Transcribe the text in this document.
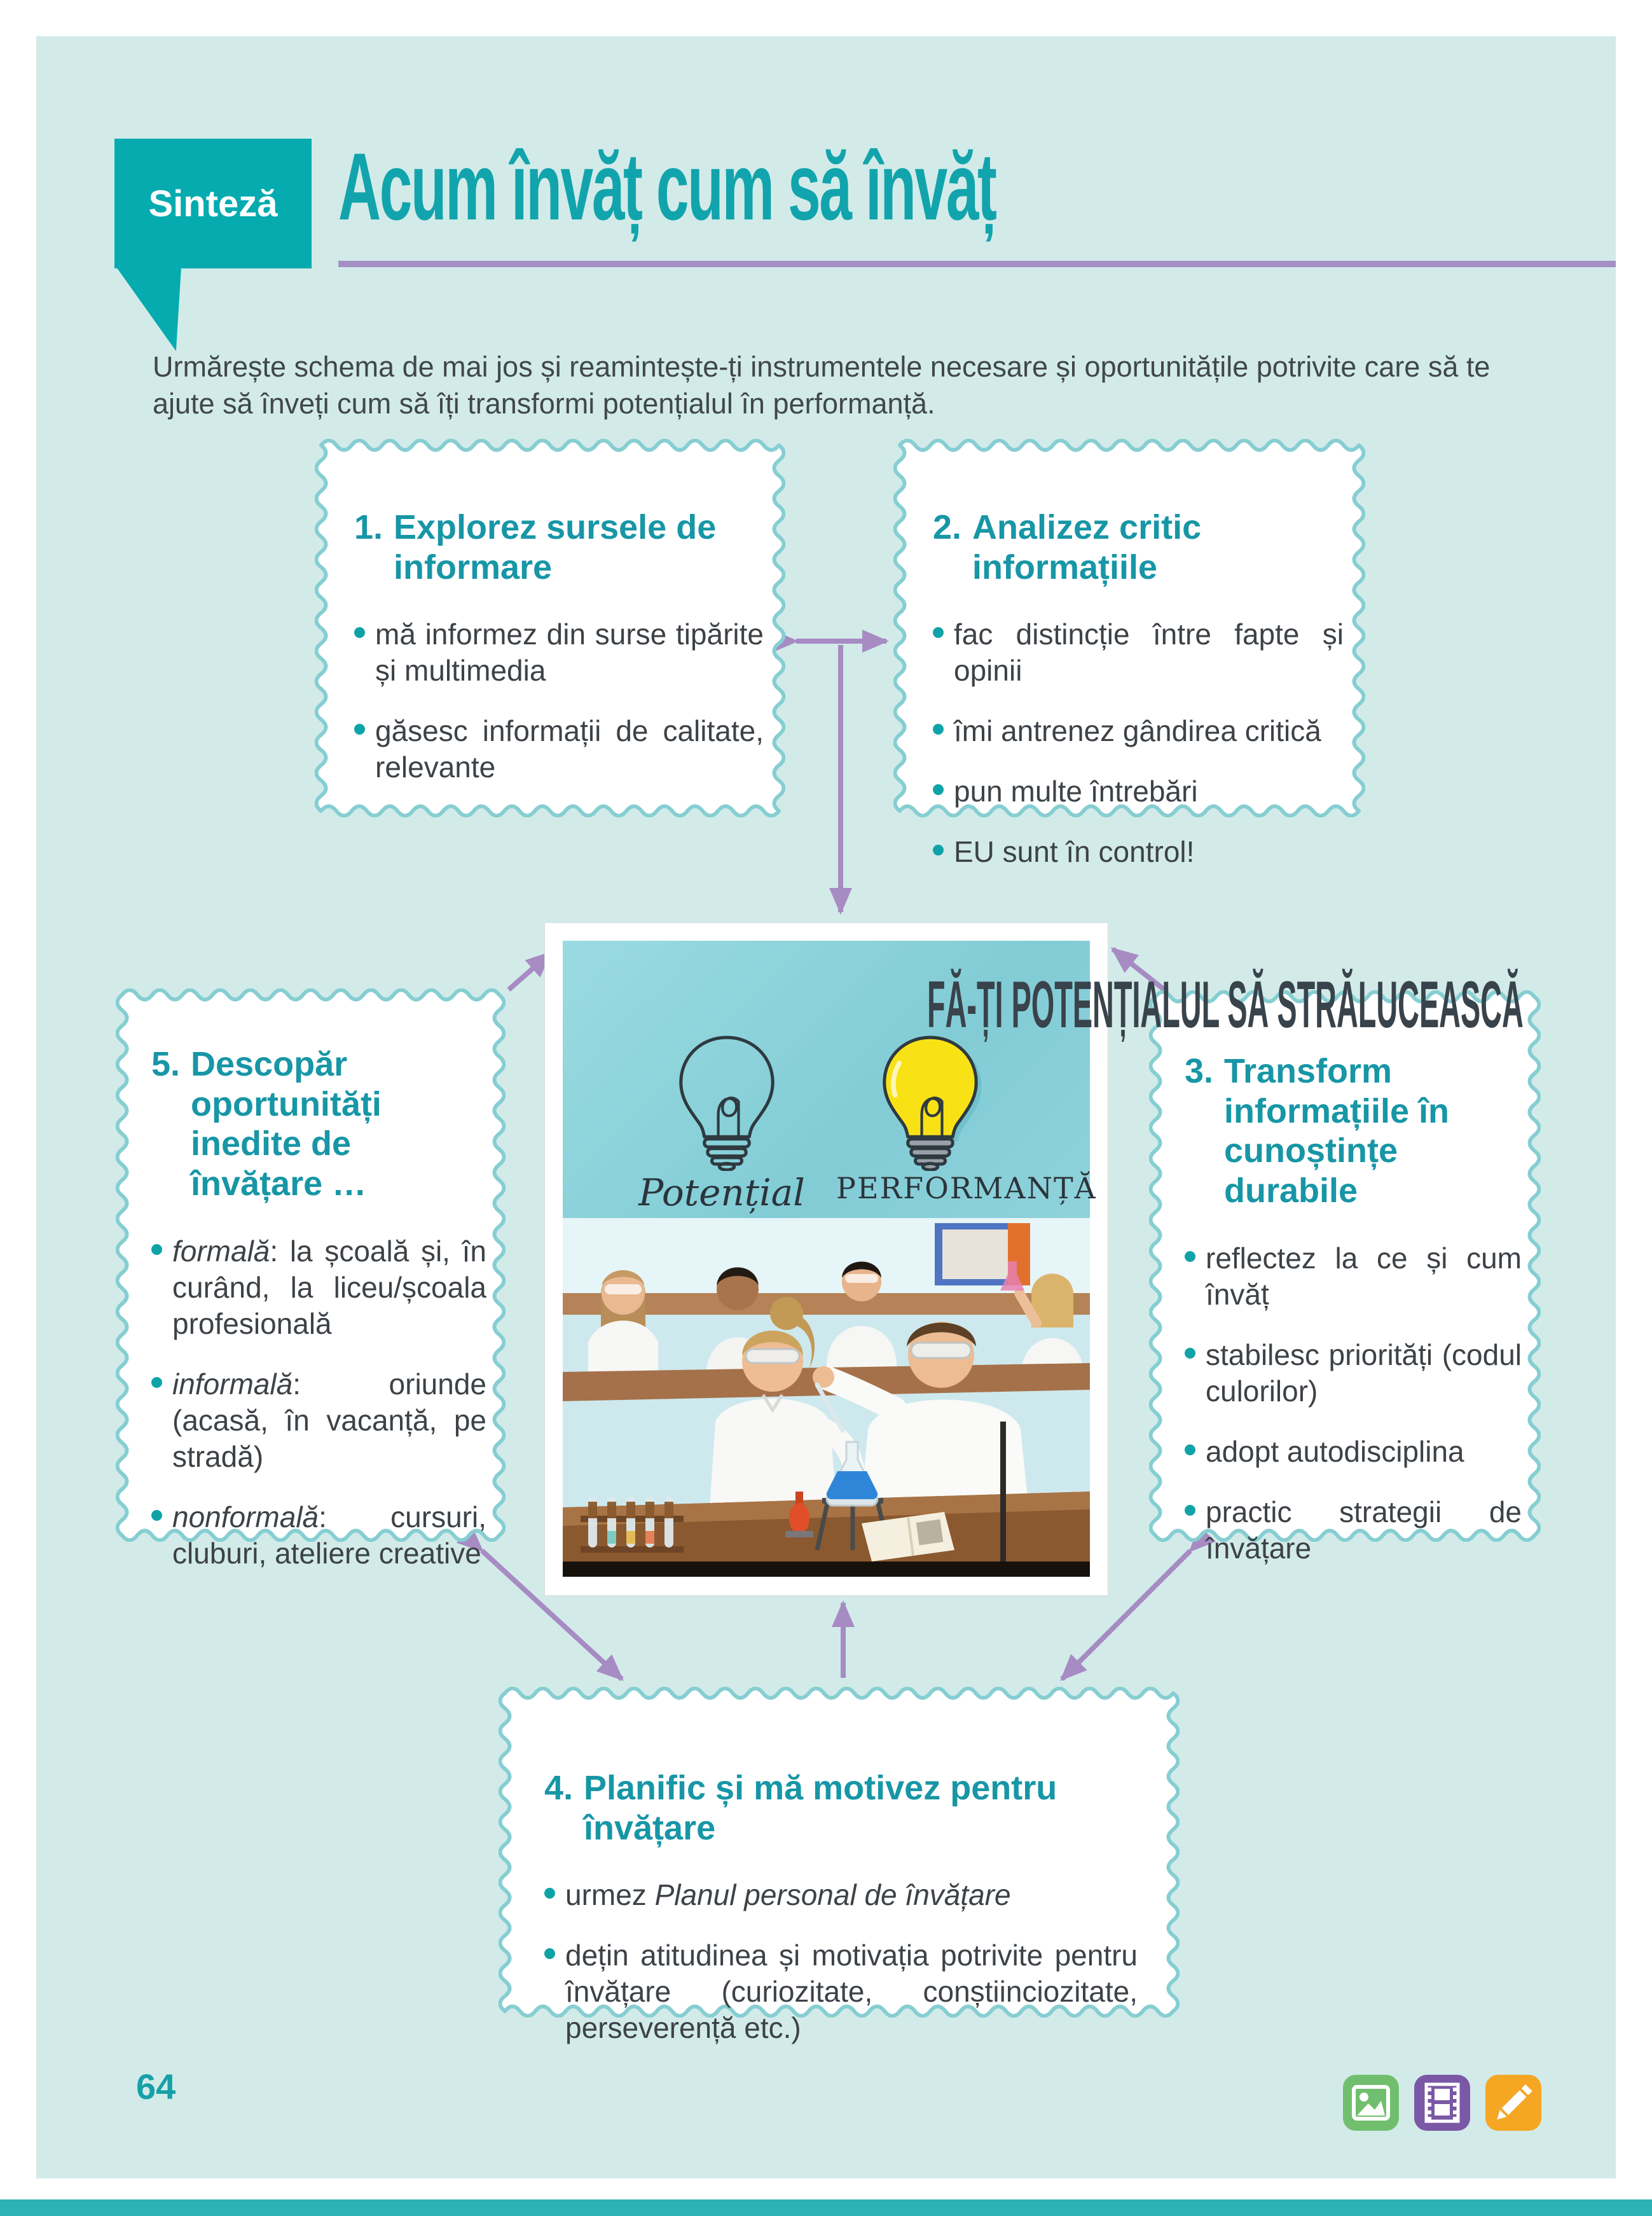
Sinteză Acum învăț cum să învăț

Urmărește schema de mai jos și reamintește-ți instrumentele necesare și oportunitățile potrivite care să te ajute să înveți cum să îți transformi potențialul în performanță.

1. Explorez sursele de informare
mă informez din surse tipărite și multimedia
găsesc informații de calitate, relevante
2. Analizez critic informațiile
fac distincție între fapte și opinii
îmi antrenez gândirea critică
pun multe întrebări
EU sunt în control!
5. Descopăr oportunități inedite de învățare …
formală: la școală și, în curând, la liceu/școala profesională
informală: oriunde (acasă, în vacanță, pe stradă)
nonformală: cursuri, cluburi, ateliere creative
3. Transform informațiile în cunoștințe durabile
reflectez la ce și cum învăț
stabilesc priorități (codul culorilor)
adopt autodisciplina
practic strategii de învățare
4. Planific și mă motivez pentru învățare
urmez Planul personal de învățare
dețin atitudinea și motivația potrivite pentru învățare (curiozitate, conștiinciozitate, perseverență etc.)
FĂ-ȚI POTENȚIALUL SĂ STRĂLUCEASCĂ
Potențial	PERFORMANȚĂ
64
